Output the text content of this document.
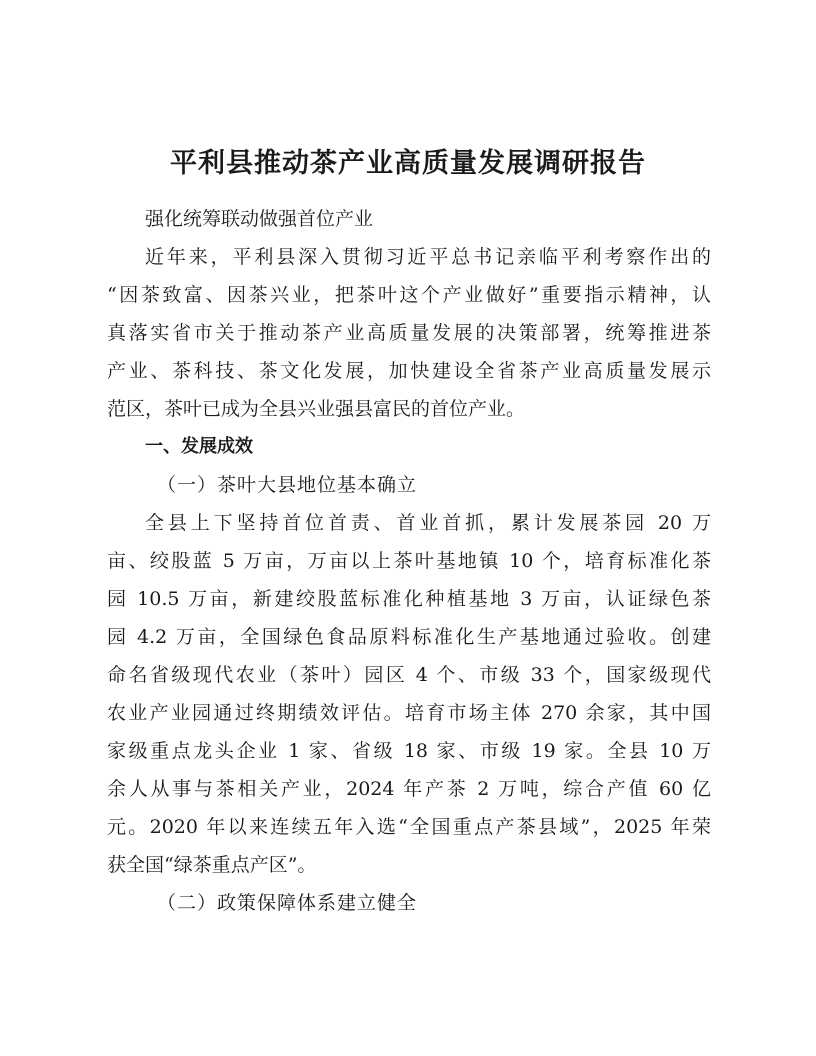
平利县推动茶产业高质量发展调研报告
强化统筹联动做强首位产业
近年来，平利县深入贯彻习近平总书记亲临平利考察作出的
“因茶致富、因茶兴业，把茶叶这个产业做好”重要指示精神，认
真落实省市关于推动茶产业高质量发展的决策部署，统筹推进茶
产业、茶科技、茶文化发展，加快建设全省茶产业高质量发展示
范区，茶叶已成为全县兴业强县富民的首位产业。
一、发展成效
（一）茶叶大县地位基本确立
全县上下坚持首位首责、首业首抓，累计发展茶园 20 万
亩、绞股蓝 5 万亩，万亩以上茶叶基地镇 10 个，培育标准化茶
园 10.5 万亩，新建绞股蓝标准化种植基地 3 万亩，认证绿色茶
园 4.2 万亩，全国绿色食品原料标准化生产基地通过验收。创建
命名省级现代农业（茶叶）园区 4 个、市级 33 个，国家级现代
农业产业园通过终期绩效评估。培育市场主体 270 余家，其中国
家级重点龙头企业 1 家、省级 18 家、市级 19 家。全县 10 万
余人从事与茶相关产业，2024 年产茶 2 万吨，综合产值 60 亿
元。2020 年以来连续五年入选“全国重点产茶县域”，2025 年荣
获全国“绿茶重点产区”。
（二）政策保障体系建立健全
